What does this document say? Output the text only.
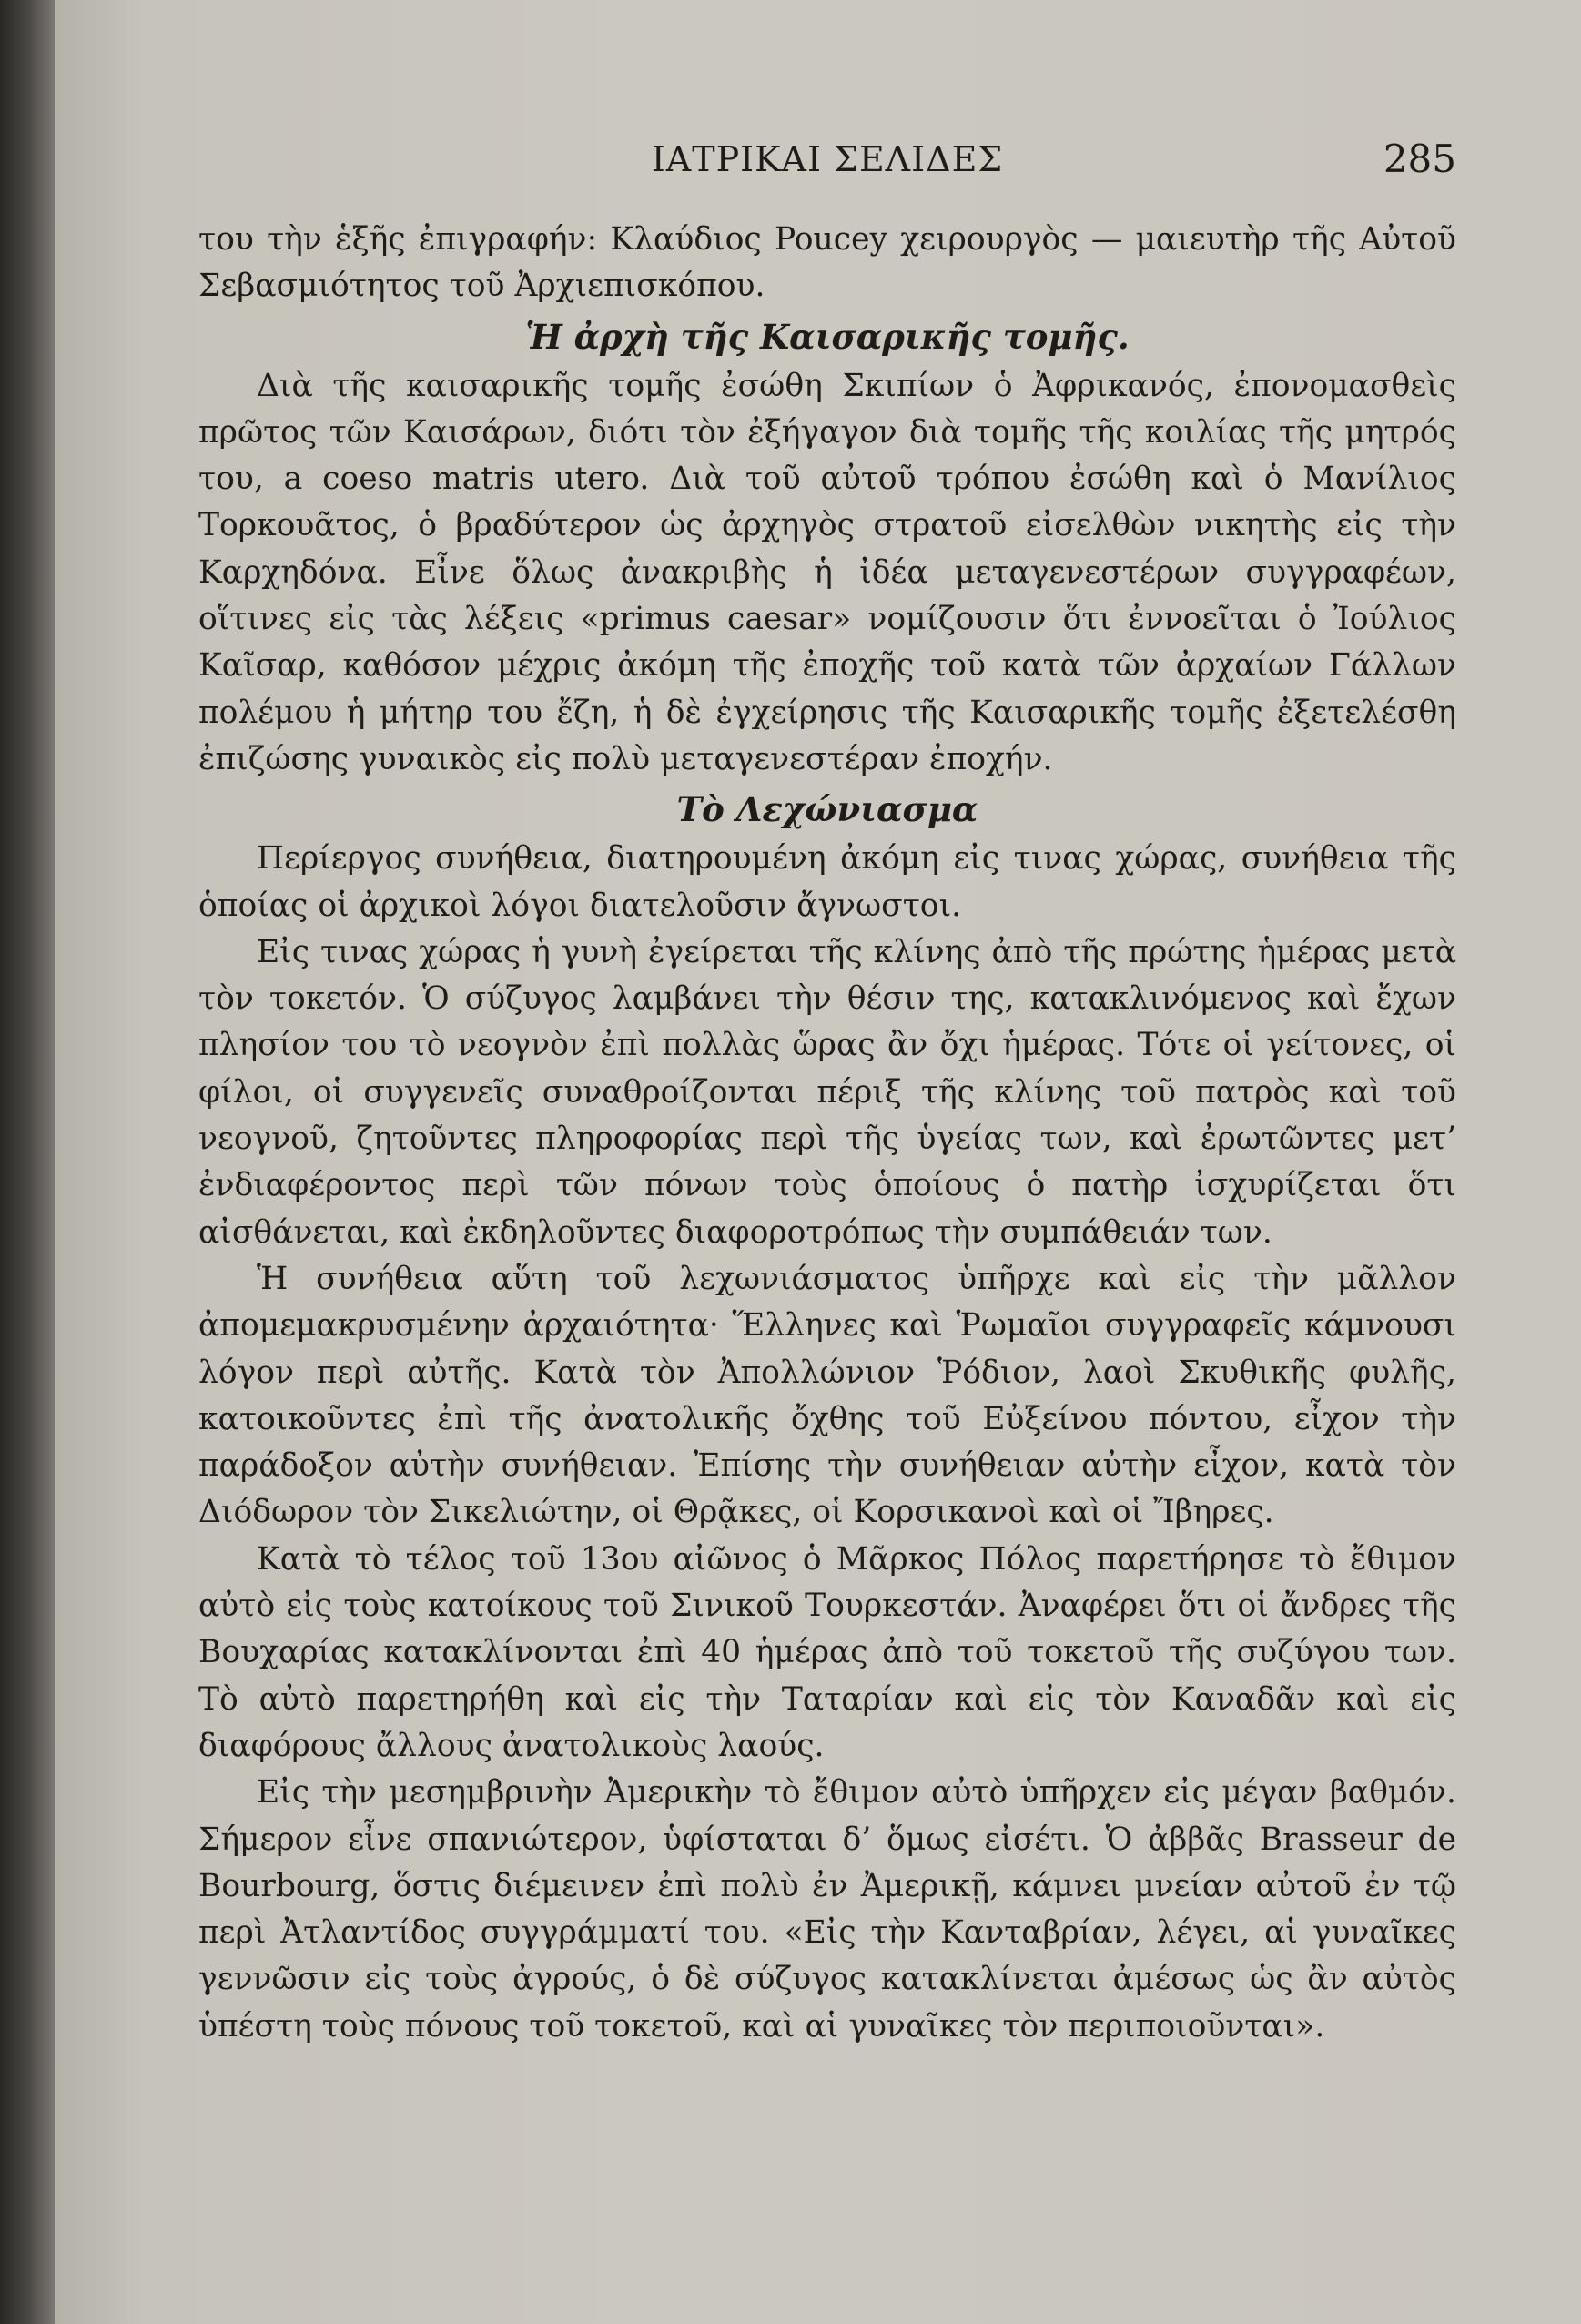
ΙΑΤΡΙΚΑΙ ΣΕΛΙΔΕΣ	285

του τὴν ἑξῆς ἐπιγραφήν: Κλαύδιος Poucey χειρουργὸς — μαιευτὴρ τῆς Αὐτοῦ Σεβασμιότητος τοῦ Ἀρχιεπισκόπου.

Ἡ ἀρχὴ τῆς Καισαρικῆς τομῆς.

Διὰ τῆς καισαρικῆς τομῆς ἐσώθη Σκιπίων ὁ Ἀφρικανός, ἐπονομασθεὶς πρῶτος τῶν Καισάρων, διότι τὸν ἐξήγαγον διὰ τομῆς τῆς κοιλίας τῆς μητρός του, a coeso matris utero. Διὰ τοῦ αὐτοῦ τρόπου ἐσώθη καὶ ὁ Μανίλιος Τορκουᾶτος, ὁ βραδύτερον ὡς ἀρχηγὸς στρατοῦ εἰσελθὼν νικητὴς εἰς τὴν Καρχηδόνα. Εἶνε ὅλως ἀνακριβὴς ἡ ἰδέα μεταγενεστέρων συγγραφέων, οἵτινες εἰς τὰς λέξεις «primus caesar» νομίζουσιν ὅτι ἐννοεῖται ὁ Ἰούλιος Καῖσαρ, καθόσον μέχρις ἀκόμη τῆς ἐποχῆς τοῦ κατὰ τῶν ἀρχαίων Γάλλων πολέμου ἡ μήτηρ του ἔζη, ἡ δὲ ἐγχείρησις τῆς Καισαρικῆς τομῆς ἐξετελέσθη ἐπιζώσης γυναικὸς εἰς πολὺ μεταγενεστέραν ἐποχήν.

Τὸ Λεχώνιασμα

Περίεργος συνήθεια, διατηρουμένη ἀκόμη εἰς τινας χώρας, συνήθεια τῆς ὁποίας οἱ ἀρχικοὶ λόγοι διατελοῦσιν ἄγνωστοι.

Εἰς τινας χώρας ἡ γυνὴ ἐγείρεται τῆς κλίνης ἀπὸ τῆς πρώτης ἡμέρας μετὰ τὸν τοκετόν. Ὁ σύζυγος λαμβάνει τὴν θέσιν της, κατακλινόμενος καὶ ἔχων πλησίον του τὸ νεογνὸν ἐπὶ πολλὰς ὥρας ἂν ὄχι ἡμέρας. Τότε οἱ γείτονες, οἱ φίλοι, οἱ συγγενεῖς συναθροίζονται πέριξ τῆς κλίνης τοῦ πατρὸς καὶ τοῦ νεογνοῦ, ζητοῦντες πληροφορίας περὶ τῆς ὑγείας των, καὶ ἐρωτῶντες μετ’ ἐνδιαφέροντος περὶ τῶν πόνων τοὺς ὁποίους ὁ πατὴρ ἰσχυρίζεται ὅτι αἰσθάνεται, καὶ ἐκδηλοῦντες διαφοροτρόπως τὴν συμπάθειάν των.

Ἡ συνήθεια αὕτη τοῦ λεχωνιάσματος ὑπῆρχε καὶ εἰς τὴν μᾶλλον ἀπομεμακρυσμένην ἀρχαιότητα· Ἕλληνες καὶ Ῥωμαῖοι συγγραφεῖς κάμνουσι λόγον περὶ αὐτῆς. Κατὰ τὸν Ἀπολλώνιον Ῥόδιον, λαοὶ Σκυθικῆς φυλῆς, κατοικοῦντες ἐπὶ τῆς ἀνατολικῆς ὄχθης τοῦ Εὐξείνου πόντου, εἶχον τὴν παράδοξον αὐτὴν συνήθειαν. Ἐπίσης τὴν συνήθειαν αὐτὴν εἶχον, κατὰ τὸν Διόδωρον τὸν Σικελιώτην, οἱ Θρᾷκες, οἱ Κορσικανοὶ καὶ οἱ Ἴβηρες.

Κατὰ τὸ τέλος τοῦ 13ου αἰῶνος ὁ Μᾶρκος Πόλος παρετήρησε τὸ ἔθιμον αὐτὸ εἰς τοὺς κατοίκους τοῦ Σινικοῦ Τουρκεστάν. Ἀναφέρει ὅτι οἱ ἄνδρες τῆς Βουχαρίας κατακλίνονται ἐπὶ 40 ἡμέρας ἀπὸ τοῦ τοκετοῦ τῆς συζύγου των. Τὸ αὐτὸ παρετηρήθη καὶ εἰς τὴν Ταταρίαν καὶ εἰς τὸν Καναδᾶν καὶ εἰς διαφόρους ἄλλους ἀνατολικοὺς λαούς.

Εἰς τὴν μεσημβρινὴν Ἀμερικὴν τὸ ἔθιμον αὐτὸ ὑπῆρχεν εἰς μέγαν βαθμόν. Σήμερον εἶνε σπανιώτερον, ὑφίσταται δ’ ὅμως εἰσέτι. Ὁ ἀββᾶς Brasseur de Bourbourg, ὅστις διέμεινεν ἐπὶ πολὺ ἐν Ἀμερικῇ, κάμνει μνείαν αὐτοῦ ἐν τῷ περὶ Ἀτλαντίδος συγγράμματί του. «Εἰς τὴν Κανταβρίαν, λέγει, αἱ γυναῖκες γεννῶσιν εἰς τοὺς ἀγρούς, ὁ δὲ σύζυγος κατακλίνεται ἀμέσως ὡς ἂν αὐτὸς ὑπέστη τοὺς πόνους τοῦ τοκετοῦ, καὶ αἱ γυναῖκες τὸν περιποιοῦνται».
